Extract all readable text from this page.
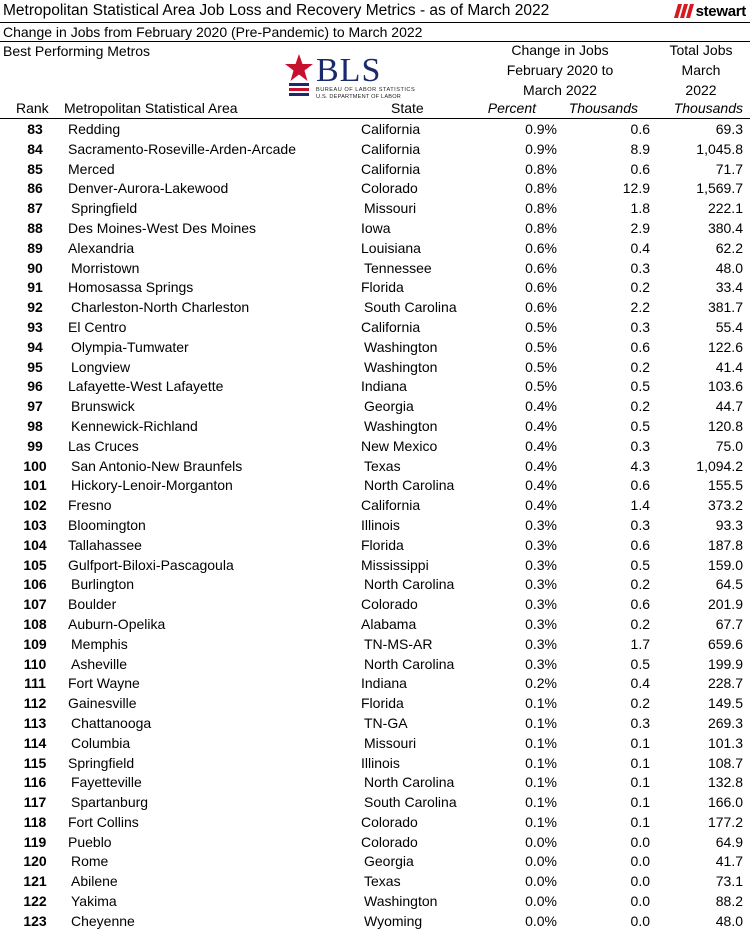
Metropolitan Statistical Area Job Loss and Recovery Metrics - as of March 2022	stewart
Change in Jobs from February 2020 (Pre-Pandemic) to March 2022
Best Performing Metros
BLS
BUREAU OF LABOR STATISTICS
U.S. DEPARTMENT OF LABOR
Change in Jobs
February 2020 to
March 2022
Total Jobs
March
2022
Rank Metropolitan Statistical Area	State	Percent Thousands	Thousands
83	Redding	California	0.9%	0.6	69.3
84	Sacramento-Roseville-Arden-Arcade	California	0.9%	8.9	1,045.8
85	Merced	California	0.8%	0.6	71.7
86	Denver-Aurora-Lakewood	Colorado	0.8%	12.9	1,569.7
87	Springfield	Missouri	0.8%	1.8	222.1
88	Des Moines-West Des Moines	Iowa	0.8%	2.9	380.4
89	Alexandria	Louisiana	0.6%	0.4	62.2
90	Morristown	Tennessee	0.6%	0.3	48.0
91	Homosassa Springs	Florida	0.6%	0.2	33.4
92	Charleston-North Charleston	South Carolina	0.6%	2.2	381.7
93	El Centro	California	0.5%	0.3	55.4
94	Olympia-Tumwater	Washington	0.5%	0.6	122.6
95	Longview	Washington	0.5%	0.2	41.4
96	Lafayette-West Lafayette	Indiana	0.5%	0.5	103.6
97	Brunswick	Georgia	0.4%	0.2	44.7
98	Kennewick-Richland	Washington	0.4%	0.5	120.8
99	Las Cruces	New Mexico	0.4%	0.3	75.0
100 San Antonio-New Braunfels	Texas	0.4%	4.3	1,094.2
101 Hickory-Lenoir-Morganton	North Carolina	0.4%	0.6	155.5
102 Fresno	California	0.4%	1.4	373.2
103 Bloomington	Illinois	0.3%	0.3	93.3
104 Tallahassee	Florida	0.3%	0.6	187.8
105 Gulfport-Biloxi-Pascagoula	Mississippi	0.3%	0.5	159.0
106 Burlington	North Carolina	0.3%	0.2	64.5
107 Boulder	Colorado	0.3%	0.6	201.9
108 Auburn-Opelika	Alabama	0.3%	0.2	67.7
109 Memphis	TN-MS-AR	0.3%	1.7	659.6
110 Asheville	North Carolina	0.3%	0.5	199.9
111 Fort Wayne	Indiana	0.2%	0.4	228.7
112 Gainesville	Florida	0.1%	0.2	149.5
113 Chattanooga	TN-GA	0.1%	0.3	269.3
114 Columbia	Missouri	0.1%	0.1	101.3
115 Springfield	Illinois	0.1%	0.1	108.7
116 Fayetteville	North Carolina	0.1%	0.1	132.8
117 Spartanburg	South Carolina	0.1%	0.1	166.0
118 Fort Collins	Colorado	0.1%	0.1	177.2
119 Pueblo	Colorado	0.0%	0.0	64.9
120 Rome	Georgia	0.0%	0.0	41.7
121 Abilene	Texas	0.0%	0.0	73.1
122 Yakima	Washington	0.0%	0.0	88.2
123 Cheyenne	Wyoming	0.0%	0.0	48.0
